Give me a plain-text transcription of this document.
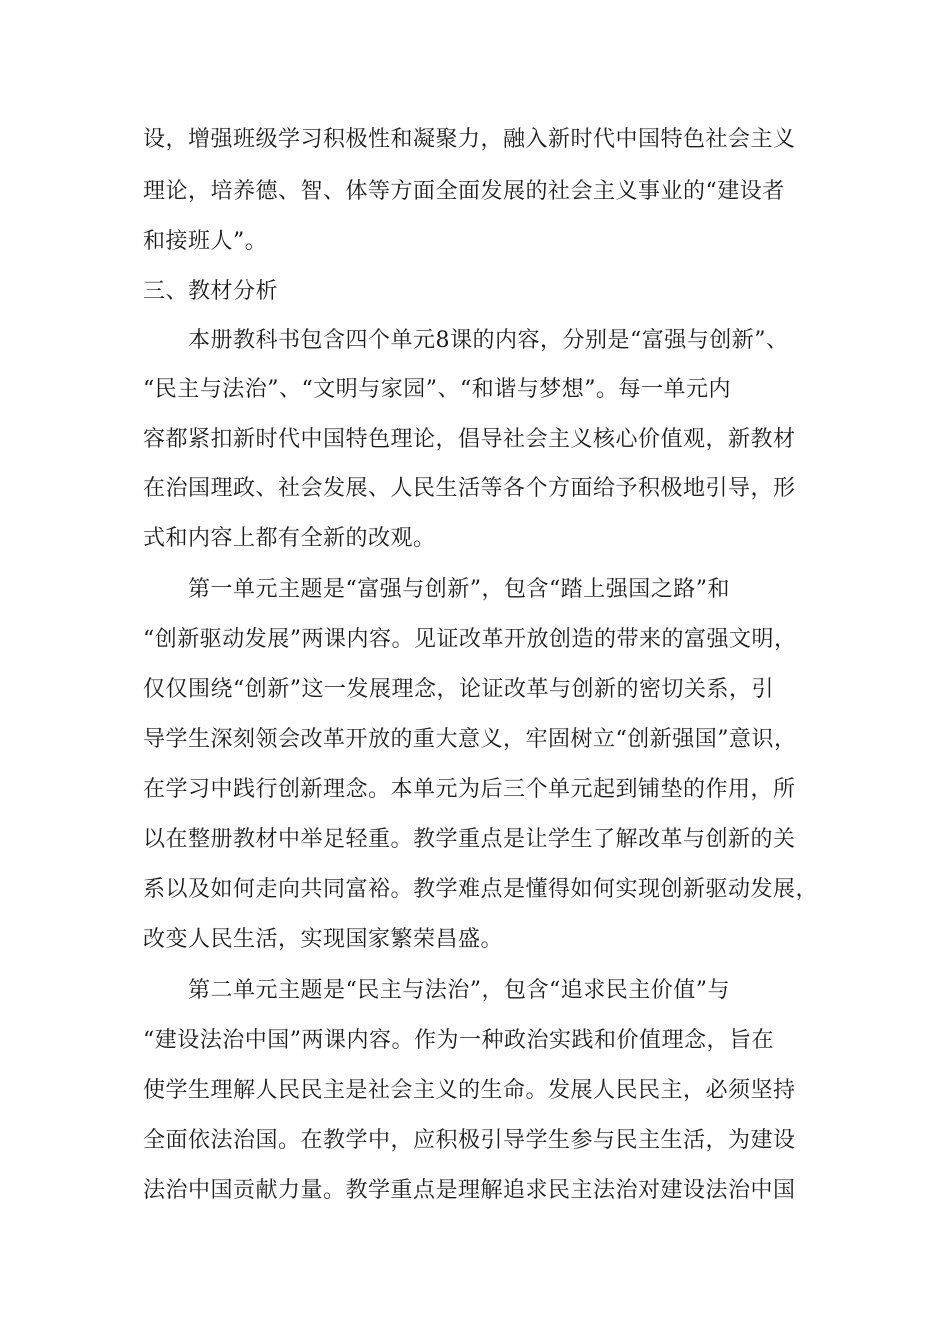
设，增强班级学习积极性和凝聚力，融入新时代中国特色社会主义
理论，培养德、智、体等方面全面发展的社会主义事业的“建设者
和接班人”。
三、教材分析
本册教科书包含四个单元8课的内容，分别是“富强与创新”、
“民主与法治”、“文明与家园”、“和谐与梦想”。每一单元内
容都紧扣新时代中国特色理论，倡导社会主义核心价值观，新教材
在治国理政、社会发展、人民生活等各个方面给予积极地引导，形
式和内容上都有全新的改观。
第一单元主题是“富强与创新”，包含“踏上强国之路”和
“创新驱动发展”两课内容。见证改革开放创造的带来的富强文明，
仅仅围绕“创新”这一发展理念，论证改革与创新的密切关系，引
导学生深刻领会改革开放的重大意义，牢固树立“创新强国”意识，
在学习中践行创新理念。本单元为后三个单元起到铺垫的作用，所
以在整册教材中举足轻重。教学重点是让学生了解改革与创新的关
系以及如何走向共同富裕。教学难点是懂得如何实现创新驱动发展，
改变人民生活，实现国家繁荣昌盛。
第二单元主题是“民主与法治”，包含“追求民主价值”与
“建设法治中国”两课内容。作为一种政治实践和价值理念，旨在
使学生理解人民民主是社会主义的生命。发展人民民主，必须坚持
全面依法治国。在教学中，应积极引导学生参与民主生活，为建设
法治中国贡献力量。教学重点是理解追求民主法治对建设法治中国
